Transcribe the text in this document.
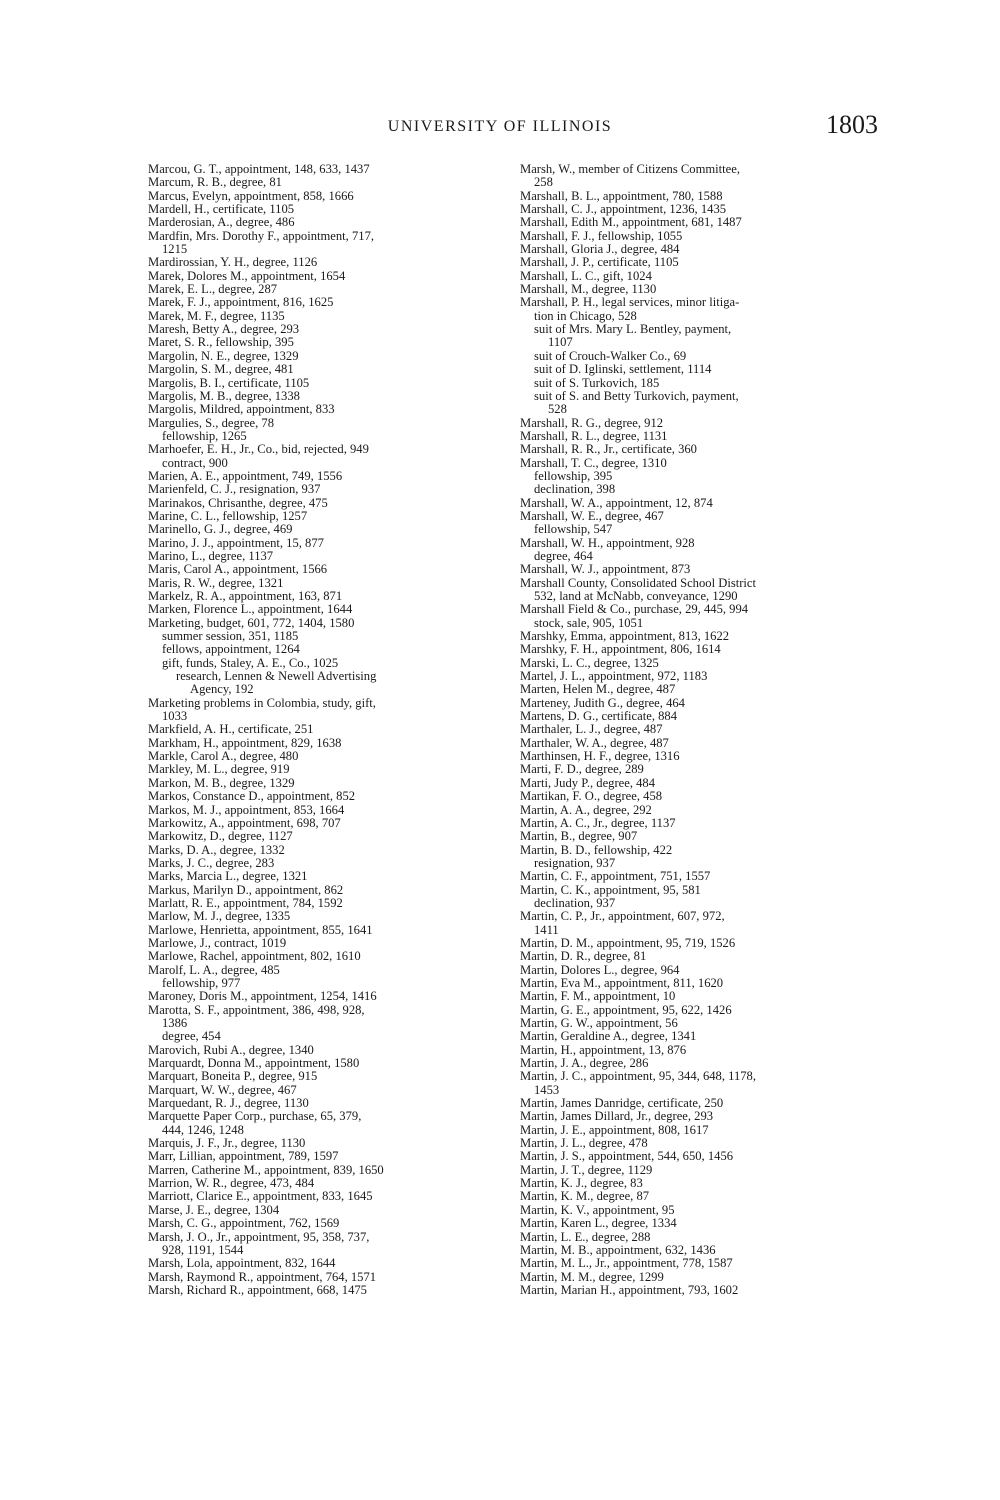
UNIVERSITY OF ILLINOIS	1803
Marcou, G. T., appointment, 148, 633, 1437
Marcum, R. B., degree, 81
Marcus, Evelyn, appointment, 858, 1666
Mardell, H., certificate, 1105
Marderosian, A., degree, 486
Mardfin, Mrs. Dorothy F., appointment, 717,
1215
Mardirossian, Y. H., degree, 1126
Marek, Dolores M., appointment, 1654
Marek, E. L., degree, 287
Marek, F. J., appointment, 816, 1625
Marek, M. F., degree, 1135
Maresh, Betty A., degree, 293
Maret, S. R., fellowship, 395
Margolin, N. E., degree, 1329
Margolin, S. M., degree, 481
Margolis, B. I., certificate, 1105
Margolis, M. B., degree, 1338
Margolis, Mildred, appointment, 833
Margulies, S., degree, 78
fellowship, 1265
Marhoefer, E. H., Jr., Co., bid, rejected, 949
contract, 900
Marien, A. E., appointment, 749, 1556
Marienfeld, C. J., resignation, 937
Marinakos, Chrisanthe, degree, 475
Marine, C. L., fellowship, 1257
Marinello, G. J., degree, 469
Marino, J. J., appointment, 15, 877
Marino, L., degree, 1137
Maris, Carol A., appointment, 1566
Maris, R. W., degree, 1321
Markelz, R. A., appointment, 163, 871
Marken, Florence L., appointment, 1644
Marketing, budget, 601, 772, 1404, 1580
summer session, 351, 1185
fellows, appointment, 1264
gift, funds, Staley, A. E., Co., 1025
research, Lennen & Newell Advertising
Agency, 192
Marketing problems in Colombia, study, gift,
1033
Markfield, A. H., certificate, 251
Markham, H., appointment, 829, 1638
Markle, Carol A., degree, 480
Markley, M. L., degree, 919
Markon, M. B., degree, 1329
Markos, Constance D., appointment, 852
Markos, M. J., appointment, 853, 1664
Markowitz, A., appointment, 698, 707
Markowitz, D., degree, 1127
Marks, D. A., degree, 1332
Marks, J. C., degree, 283
Marks, Marcia L., degree, 1321
Markus, Marilyn D., appointment, 862
Marlatt, R. E., appointment, 784, 1592
Marlow, M. J., degree, 1335
Marlowe, Henrietta, appointment, 855, 1641
Marlowe, J., contract, 1019
Marlowe, Rachel, appointment, 802, 1610
Marolf, L. A., degree, 485
fellowship, 977
Maroney, Doris M., appointment, 1254, 1416
Marotta, S. F., appointment, 386, 498, 928,
1386
degree, 454
Marovich, Rubi A., degree, 1340
Marquardt, Donna M., appointment, 1580
Marquart, Boneita P., degree, 915
Marquart, W. W., degree, 467
Marquedant, R. J., degree, 1130
Marquette Paper Corp., purchase, 65, 379,
444, 1246, 1248
Marquis, J. F., Jr., degree, 1130
Marr, Lillian, appointment, 789, 1597
Marren, Catherine M., appointment, 839, 1650
Marrion, W. R., degree, 473, 484
Marriott, Clarice E., appointment, 833, 1645
Marse, J. E., degree, 1304
Marsh, C. G., appointment, 762, 1569
Marsh, J. O., Jr., appointment, 95, 358, 737,
928, 1191, 1544
Marsh, Lola, appointment, 832, 1644
Marsh, Raymond R., appointment, 764, 1571
Marsh, Richard R., appointment, 668, 1475
Marsh, W., member of Citizens Committee,
258
Marshall, B. L., appointment, 780, 1588
Marshall, C. J., appointment, 1236, 1435
Marshall, Edith M., appointment, 681, 1487
Marshall, F. J., fellowship, 1055
Marshall, Gloria J., degree, 484
Marshall, J. P., certificate, 1105
Marshall, L. C., gift, 1024
Marshall, M., degree, 1130
Marshall, P. H., legal services, minor litiga-
tion in Chicago, 528
suit of Mrs. Mary L. Bentley, payment,
1107
suit of Crouch-Walker Co., 69
suit of D. Iglinski, settlement, 1114
suit of S. Turkovich, 185
suit of S. and Betty Turkovich, payment,
528
Marshall, R. G., degree, 912
Marshall, R. L., degree, 1131
Marshall, R. R., Jr., certificate, 360
Marshall, T. C., degree, 1310
fellowship, 395
declination, 398
Marshall, W. A., appointment, 12, 874
Marshall, W. E., degree, 467
fellowship, 547
Marshall, W. H., appointment, 928
degree, 464
Marshall, W. J., appointment, 873
Marshall County, Consolidated School District
532, land at McNabb, conveyance, 1290
Marshall Field & Co., purchase, 29, 445, 994
stock, sale, 905, 1051
Marshky, Emma, appointment, 813, 1622
Marshky, F. H., appointment, 806, 1614
Marski, L. C., degree, 1325
Martel, J. L., appointment, 972, 1183
Marten, Helen M., degree, 487
Marteney, Judith G., degree, 464
Martens, D. G., certificate, 884
Marthaler, L. J., degree, 487
Marthaler, W. A., degree, 487
Marthinsen, H. F., degree, 1316
Marti, F. D., degree, 289
Marti, Judy P., degree, 484
Martikan, F. O., degree, 458
Martin, A. A., degree, 292
Martin, A. C., Jr., degree, 1137
Martin, B., degree, 907
Martin, B. D., fellowship, 422
resignation, 937
Martin, C. F., appointment, 751, 1557
Martin, C. K., appointment, 95, 581
declination, 937
Martin, C. P., Jr., appointment, 607, 972,
1411
Martin, D. M., appointment, 95, 719, 1526
Martin, D. R., degree, 81
Martin, Dolores L., degree, 964
Martin, Eva M., appointment, 811, 1620
Martin, F. M., appointment, 10
Martin, G. E., appointment, 95, 622, 1426
Martin, G. W., appointment, 56
Martin, Geraldine A., degree, 1341
Martin, H., appointment, 13, 876
Martin, J. A., degree, 286
Martin, J. C., appointment, 95, 344, 648, 1178,
1453
Martin, James Danridge, certificate, 250
Martin, James Dillard, Jr., degree, 293
Martin, J. E., appointment, 808, 1617
Martin, J. L., degree, 478
Martin, J. S., appointment, 544, 650, 1456
Martin, J. T., degree, 1129
Martin, K. J., degree, 83
Martin, K. M., degree, 87
Martin, K. V., appointment, 95
Martin, Karen L., degree, 1334
Martin, L. E., degree, 288
Martin, M. B., appointment, 632, 1436
Martin, M. L., Jr., appointment, 778, 1587
Martin, M. M., degree, 1299
Martin, Marian H., appointment, 793, 1602
